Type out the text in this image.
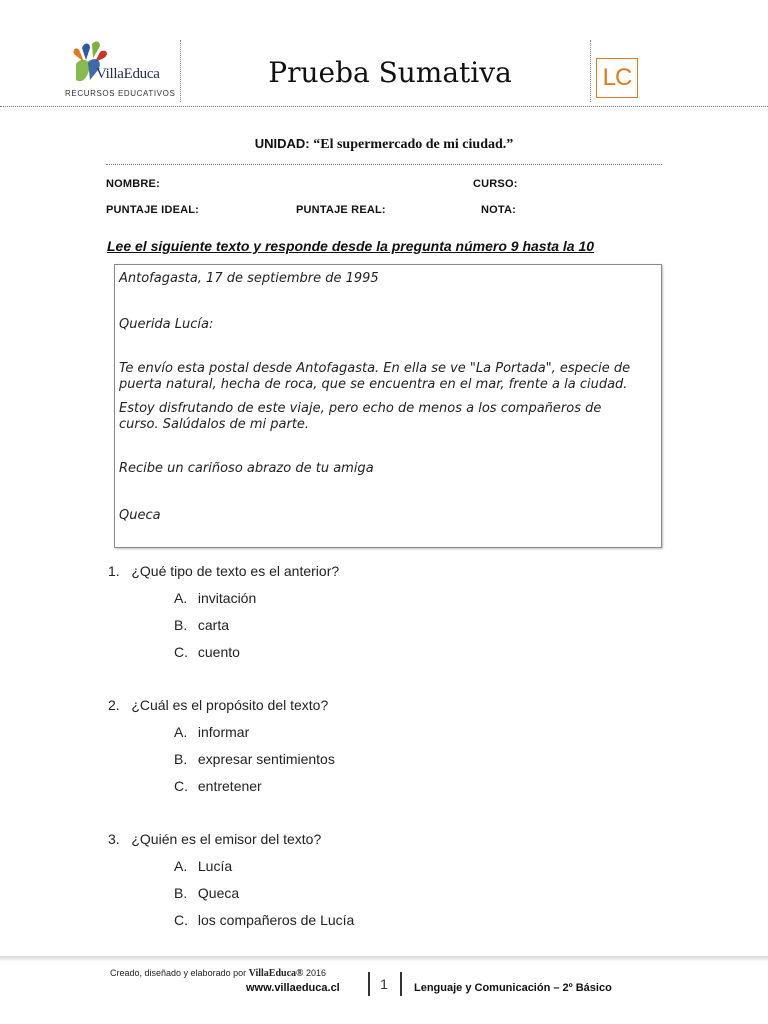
VillaEduca
RECURSOS EDUCATIVOS
Prueba Sumativa	LC
UNIDAD: “El supermercado de mi ciudad.”
NOMBRE:	CURSO:
PUNTAJE IDEAL:	PUNTAJE REAL:	NOTA:
Lee el siguiente texto y responde desde la pregunta número 9 hasta la 10
Antofagasta, 17 de septiembre de 1995
Querida Lucía:
Te envío esta postal desde Antofagasta. En ella se ve "La Portada", especie de
puerta natural, hecha de roca, que se encuentra en el mar, frente a la ciudad.
Estoy disfrutando de este viaje, pero echo de menos a los compañeros de
curso. Salúdalos de mi parte.
Recibe un cariñoso abrazo de tu amiga
Queca
1. ¿Qué tipo de texto es el anterior?
A. invitación
B. carta
C. cuento
2. ¿Cuál es el propósito del texto?
A. informar
B. expresar sentimientos
C. entretener
3. ¿Quién es el emisor del texto?
A. Lucía
B. Queca
C. los compañeros de Lucía
Creado, diseñado y elaborado por VillaEduca® 2016
www.villaeduca.cl	1	Lenguaje y Comunicación – 2º Básico
